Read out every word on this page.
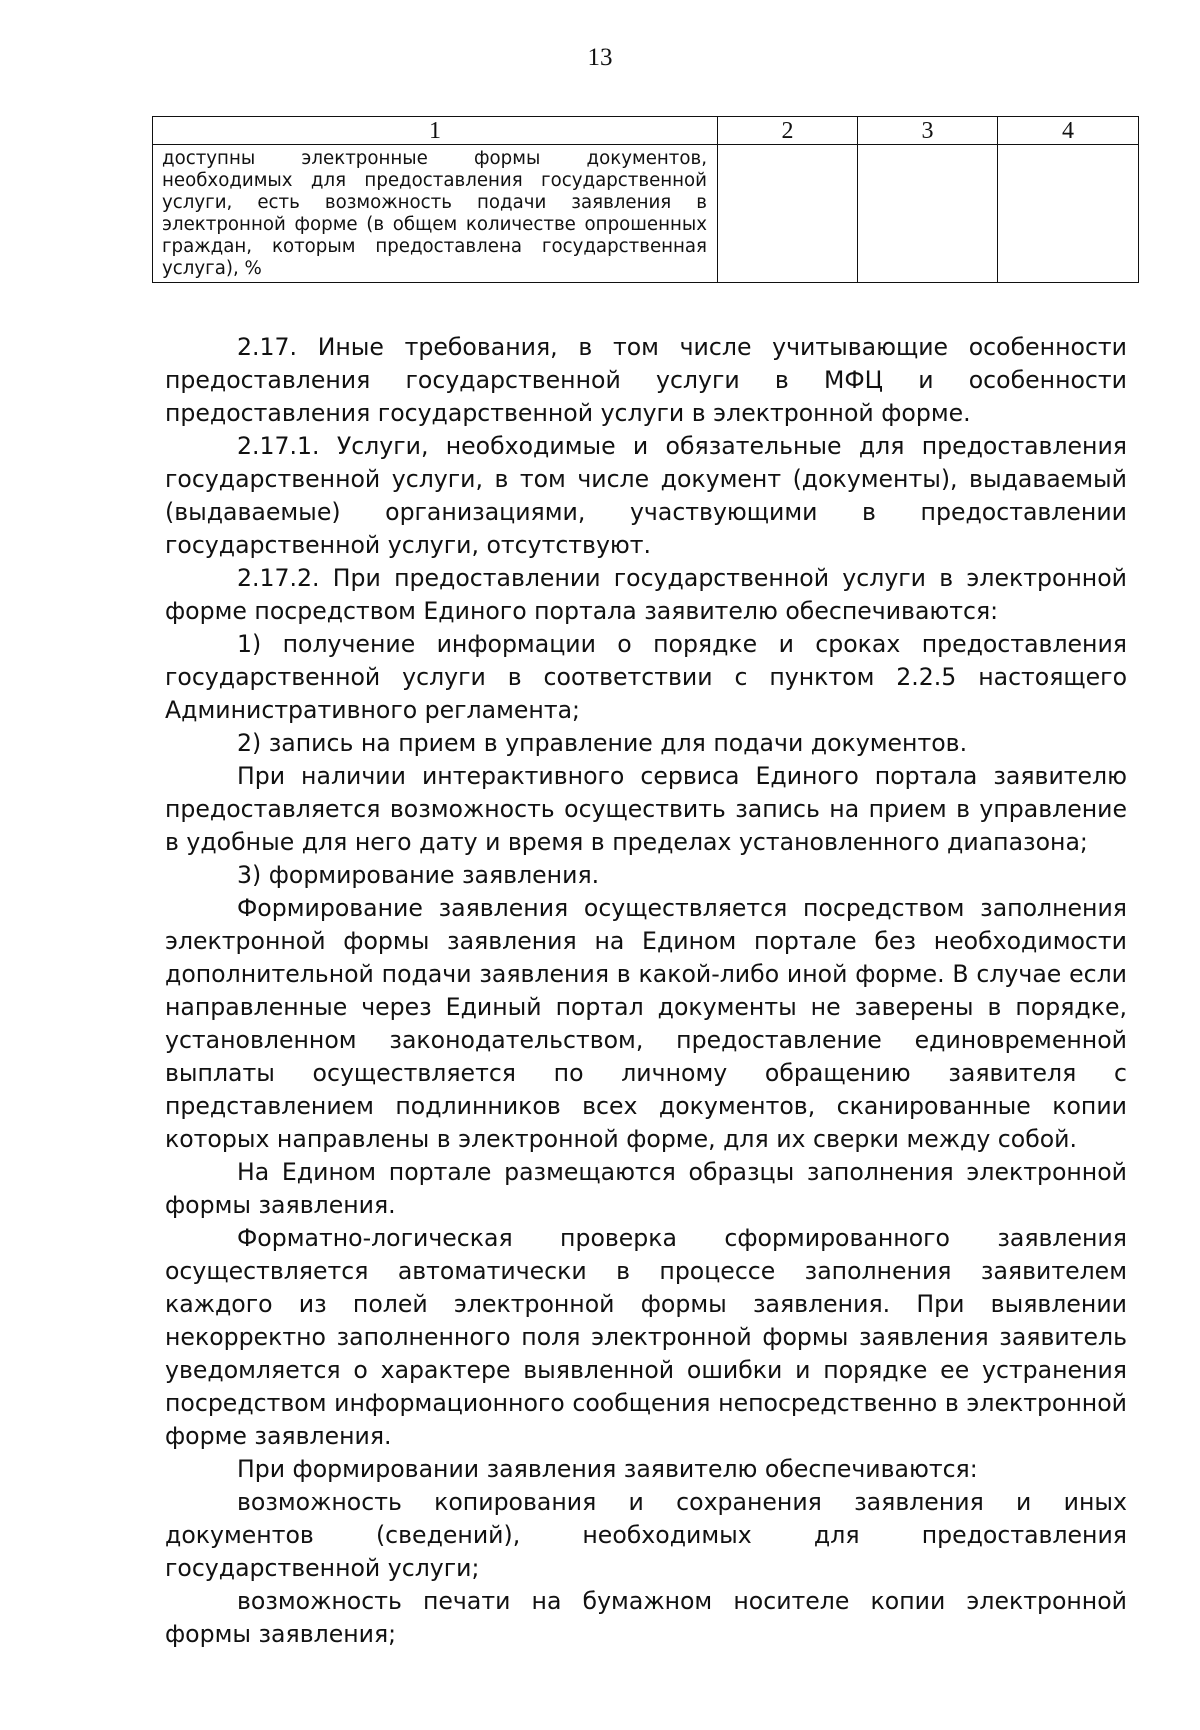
13

1	2	3	4
доступны электронные формы документов, необходимых для предоставления государственной услуги, есть возможность подачи заявления в электронной форме (в общем количестве опрошенных граждан, которым предоставлена государственная услуга), %			

2.17. Иные требования, в том числе учитывающие особенности предоставления государственной услуги в МФЦ и особенности предоставления государственной услуги в электронной форме.

2.17.1. Услуги, необходимые и обязательные для предоставления государственной услуги, в том числе документ (документы), выдаваемый (выдаваемые) организациями, участвующими в предоставлении государственной услуги, отсутствуют.

2.17.2. При предоставлении государственной услуги в электронной форме посредством Единого портала заявителю обеспечиваются:

1) получение информации о порядке и сроках предоставления государственной услуги в соответствии с пунктом 2.2.5 настоящего Административного регламента;

2) запись на прием в управление для подачи документов.

При наличии интерактивного сервиса Единого портала заявителю предоставляется возможность осуществить запись на прием в управление в удобные для него дату и время в пределах установленного диапазона;

3) формирование заявления.

Формирование заявления осуществляется посредством заполнения электронной формы заявления на Едином портале без необходимости дополнительной подачи заявления в какой-либо иной форме. В случае если направленные через Единый портал документы не заверены в порядке, установленном законодательством, предоставление единовременной выплаты осуществляется по личному обращению заявителя с представлением подлинников всех документов, сканированные копии которых направлены в электронной форме, для их сверки между собой.

На Едином портале размещаются образцы заполнения электронной формы заявления.

Форматно-логическая проверка сформированного заявления осуществляется автоматически в процессе заполнения заявителем каждого из полей электронной формы заявления. При выявлении некорректно заполненного поля электронной формы заявления заявитель уведомляется о характере выявленной ошибки и порядке ее устранения посредством информационного сообщения непосредственно в электронной форме заявления.

При формировании заявления заявителю обеспечиваются:

возможность копирования и сохранения заявления и иных документов (сведений), необходимых для предоставления государственной услуги;

возможность печати на бумажном носителе копии электронной формы заявления;
